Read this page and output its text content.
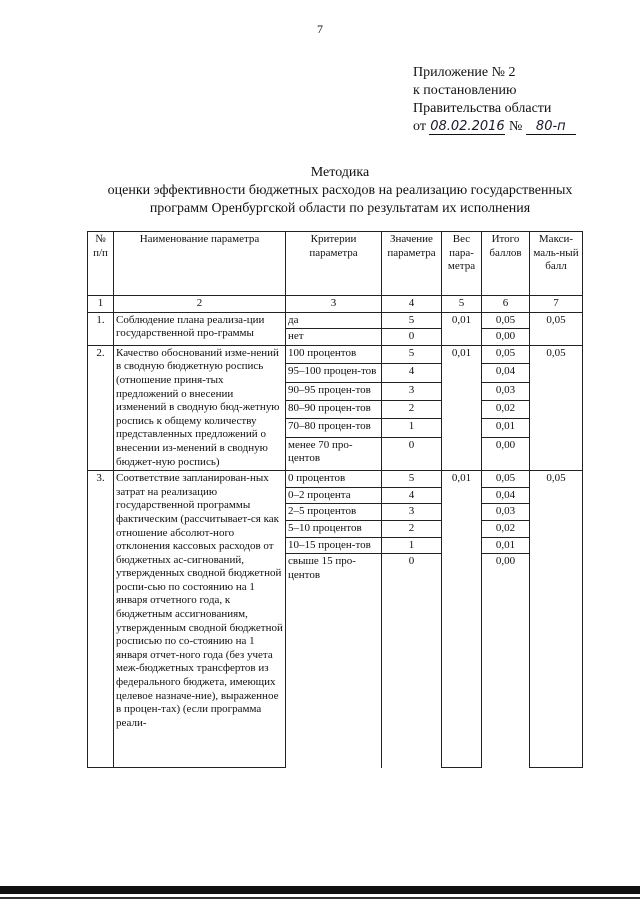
7
Приложение № 2
к постановлению
Правительства области
от 08.02.2016 № 80-п
Методика
оценки эффективности бюджетных расходов на реализацию государственных
программ Оренбургской области по результатам их исполнения
№ п/п	Наименование параметра	Критерии параметра	Значение параметра	Вес пара-метра	Итого баллов	Макси-маль-ный балл
1	2	3	4	5	6	7
1.	Соблюдение плана реализа-ции государственной про-граммы	да	5	0,01	0,05	0,05
		нет	0		0,00	
2.	Качество обоснований изме-нений в сводную бюджетную роспись (отношение приня-тых предложений о внесении изменений в сводную бюд-жетную роспись к общему количеству представленных предложений о внесении из-менений в сводную бюджет-ную роспись)	100 процентов	5	0,01	0,05	0,05
		95–100 процен-тов	4		0,04	
		90–95 процен-тов	3		0,03	
		80–90 процен-тов	2		0,02	
		70–80 процен-тов	1		0,01	
		менее 70 про-центов	0		0,00	
3.	Соответствие запланирован-ных затрат на реализацию государственной программы фактическим (рассчитывает-ся как отношение абсолют-ного отклонения кассовых расходов от бюджетных ас-сигнований, утвержденных сводной бюджетной роспи-сью по состоянию на 1 января отчетного года, к бюджетным ассигнованиям, утвержденным сводной бюджетной росписью по со-стоянию на 1 января отчет-ного года (без учета меж-бюджетных трансфертов из федерального бюджета, имеющих целевое назначе-ние), выраженное в процен-тах) (если программа реали-	0 процентов	5	0,01	0,05	0,05
		0–2 процента	4		0,04	
		2–5 процентов	3		0,03	
		5–10 процентов	2		0,02	
		10–15 процен-тов	1		0,01	
		свыше 15 про-центов	0		0,00	
